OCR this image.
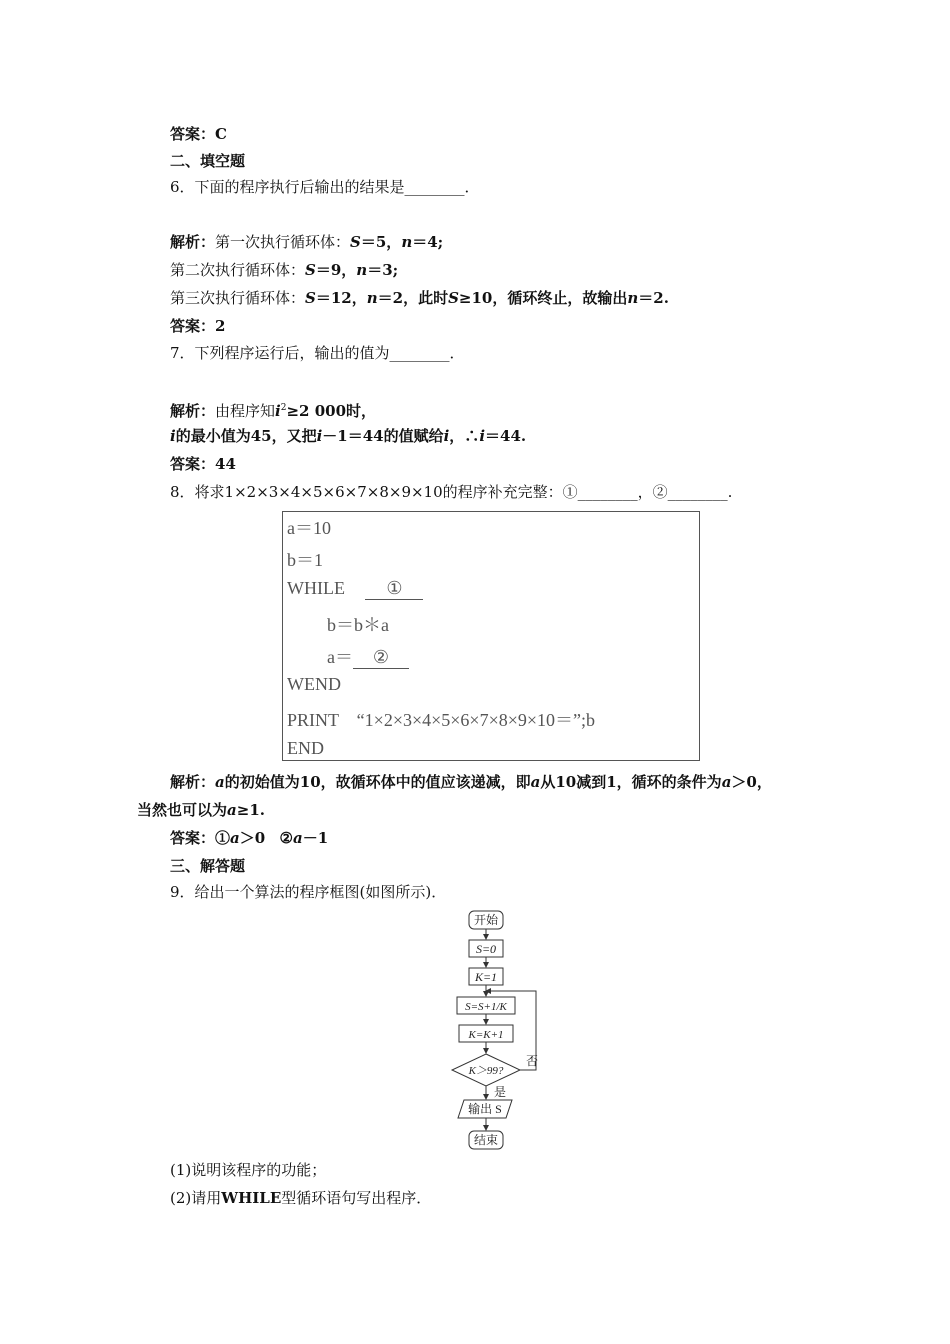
答案：C
二、填空题
6．下面的程序执行后输出的结果是________．
解析：第一次执行循环体：S＝5，n＝4;
第二次执行循环体：S＝9，n＝3;
第三次执行循环体：S＝12，n＝2，此时S≥10，循环终止，故输出n＝2.
答案：2
7．下列程序运行后，输出的值为________．
解析：由程序知$i^2\ge 2$ 000时，
i的最小值为45，又把i－1＝44的值赋给i，∴i＝44.
答案：44
8．将求1×2×3×4×5×6×7×8×9×10的程序补充完整：①________，②________.
a＝10
b＝1
WHILE ①
b＝b＊a
a＝ ②
WEND
PRINT　“1×2×3×4×5×6×7×8×9×10＝”;b
END
解析：a的初始值为10，故循环体中的值应该递减，即a从10减到1，循环的条件为a＞0，
当然也可以为a≥1.
答案：①a＞0 ②a－1
三、解答题
9．给出一个算法的程序框图(如图所示)．
开始
S=0
K=1
S=S+1/K
K=K+1
K＞99?
否
是
输出 S
结束
(1)说明该程序的功能；
(2)请用WHILE型循环语句写出程序．
